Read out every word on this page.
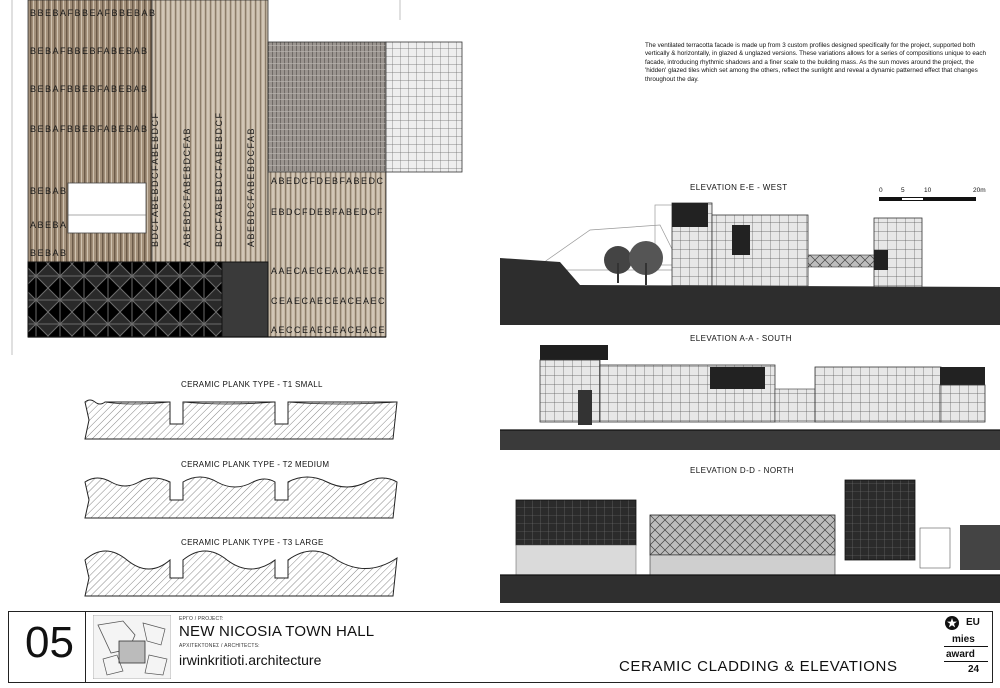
BBEBAFBBEAFBBEBAB
BEBAFBBEBFABEBAB
BEBAFBBEBFABEBAB
BEBAFBBEBFABEBAB
BEBAB
ABEBA
BEBAB
BDCFABEBDCFABEBDCF ABEBDCFABEBDCFAB BDCFABEBDCFABEBDCF ABEBDCFABEBDCFAB ABEDCFDEBFABEDC
EBDCFDEBFABEDCF
AAECAECEACAAECE
CEAECAECEACEAEC
AECCEAECEACEACE
The ventilated terracotta facade is made up from 3 custom profiles designed specifically for the project, supported both vertically & horizontally, in glazed & unglazed versions. These variations allows for a series of compositions unique to each facade, introducing rhythmic shadows and a finer scale to the building mass. As the sun moves around the project, the 'hidden' glazed tiles which set among the others, reflect the sunlight and reveal a dynamic patterned effect that changes throughout the day.
CERAMIC PLANK TYPE - T1 SMALL
CERAMIC PLANK TYPE - T2 MEDIUM
CERAMIC PLANK TYPE - T3 LARGE
0	5	10	20m
ELEVATION E-E - WEST
ELEVATION A-A - SOUTH
ELEVATION D-D - NORTH
05	ΕΡΓΟ / PROJECT:
NEW NICOSIA TOWN HALL
ΑΡΧΙΤΕΚΤΟΝΕΣ / ARCHITECTS:
irwinkritioti.architecture	CERAMIC CLADDING & ELEVATIONS
EU
mies
award
24
